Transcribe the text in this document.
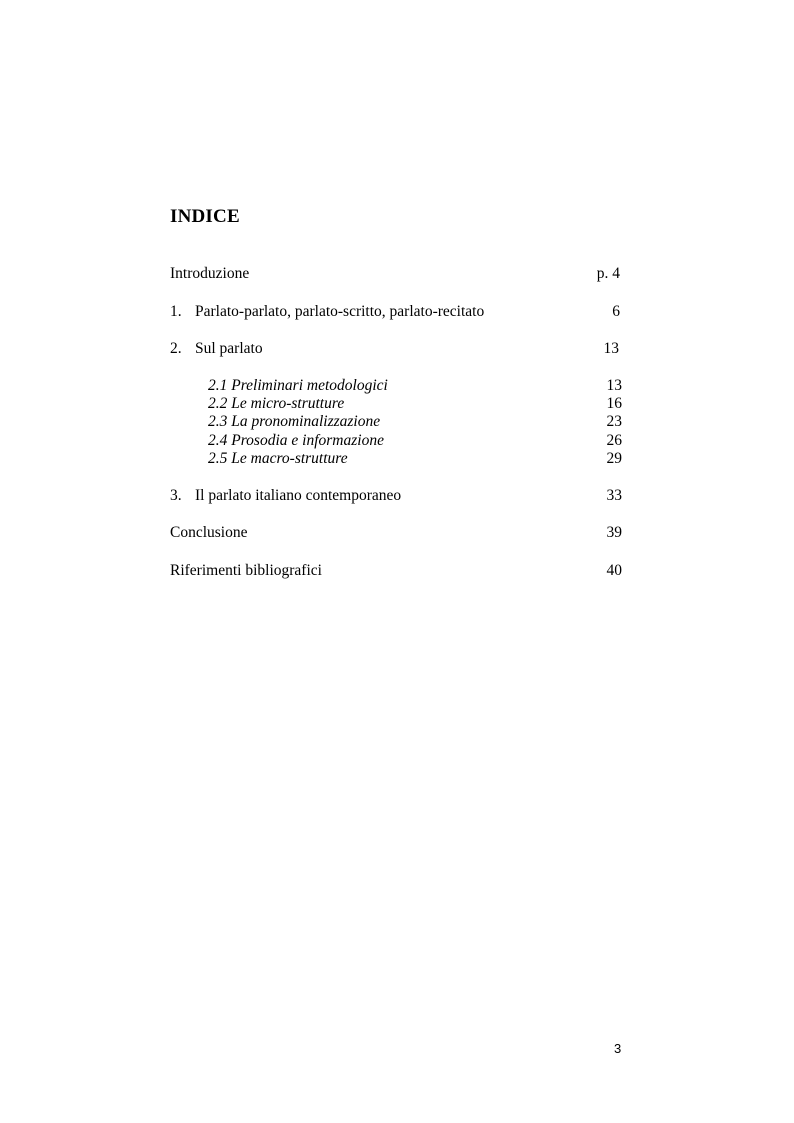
INDICE
Introduzione	p. 4
1. Parlato-parlato, parlato-scritto, parlato-recitato	6
2. Sul parlato	13
2.1 Preliminari metodologici	13
2.2 Le micro-strutture	16
2.3 La pronominalizzazione	23
2.4 Prosodia e informazione	26
2.5 Le macro-strutture	29
3. Il parlato italiano contemporaneo	33
Conclusione	39
Riferimenti bibliografici	40
3
